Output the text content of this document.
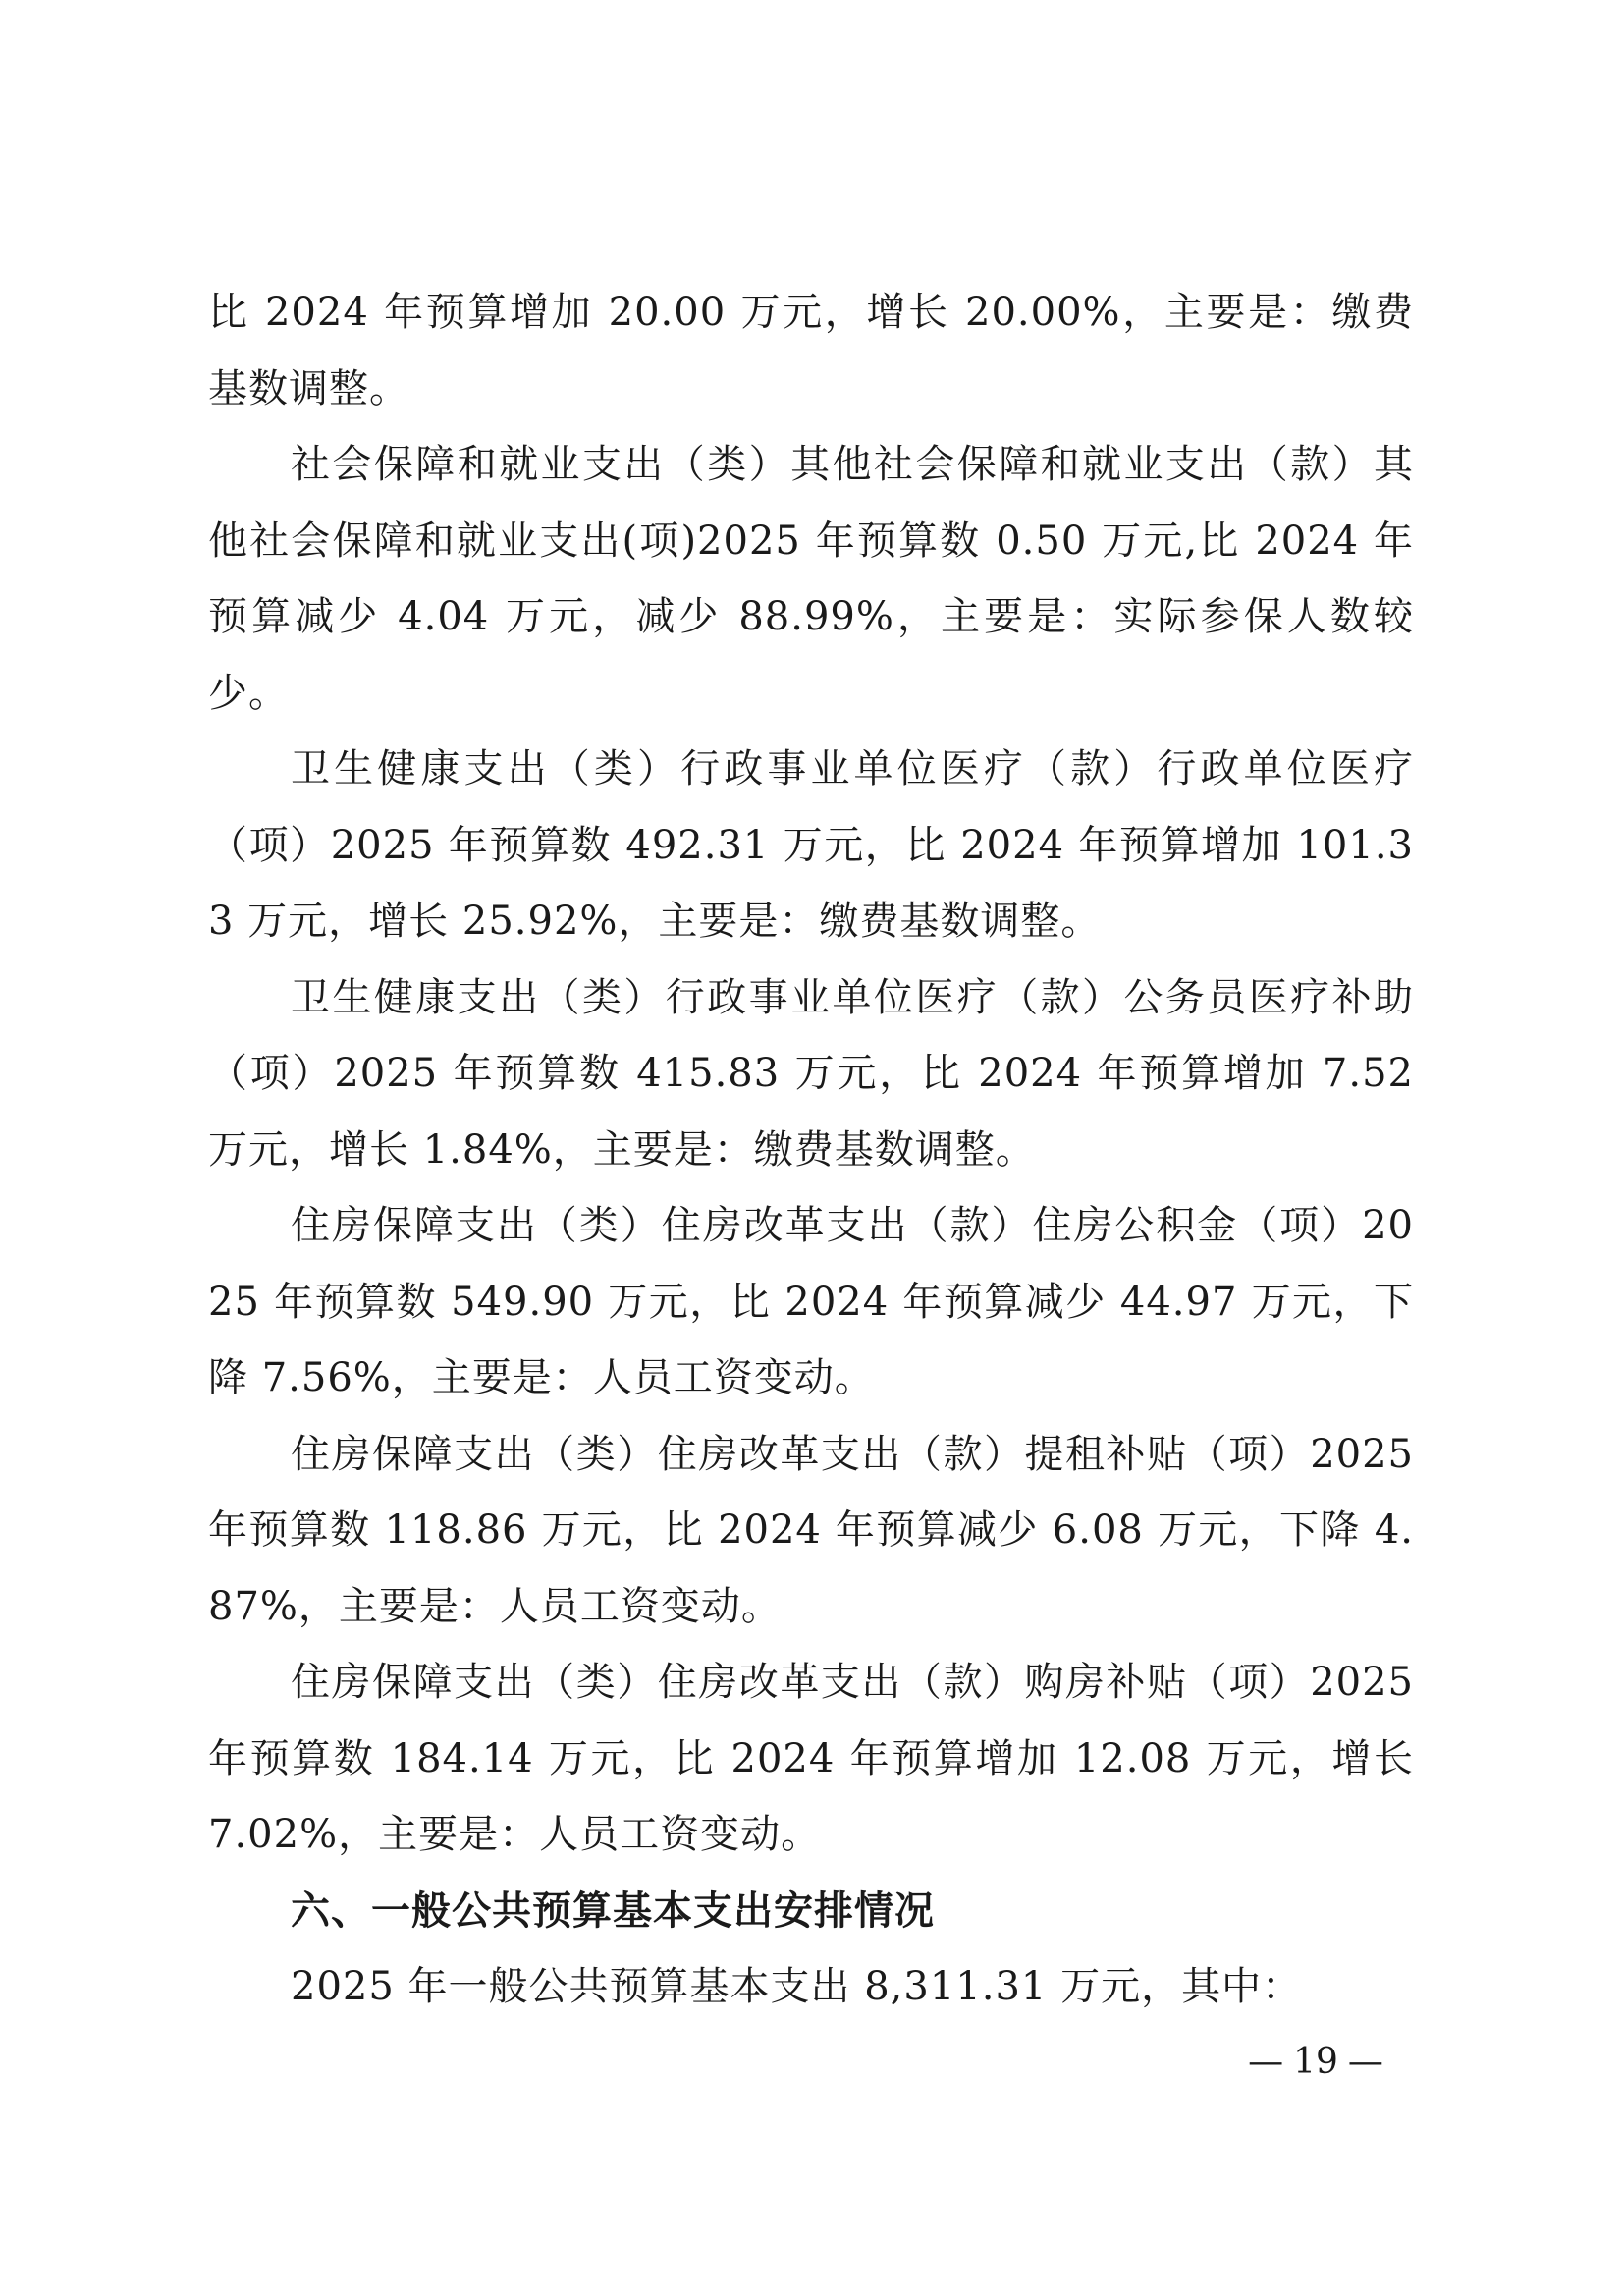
比 2024 年预算增加 20.00 万元，增长 20.00%，主要是：缴费基数调整。

社会保障和就业支出（类）其他社会保障和就业支出（款）其他社会保障和就业支出(项)2025 年预算数 0.50 万元,比 2024 年预算减少 4.04 万元，减少 88.99%，主要是：实际参保人数较少。

卫生健康支出（类）行政事业单位医疗（款）行政单位医疗（项）2025 年预算数 492.31 万元，比 2024 年预算增加 101.33 万元，增长 25.92%，主要是：缴费基数调整。

卫生健康支出（类）行政事业单位医疗（款）公务员医疗补助（项）2025 年预算数 415.83 万元，比 2024 年预算增加 7.52 万元，增长 1.84%，主要是：缴费基数调整。

住房保障支出（类）住房改革支出（款）住房公积金（项）2025 年预算数 549.90 万元，比 2024 年预算减少 44.97 万元，下降 7.56%，主要是：人员工资变动。

住房保障支出（类）住房改革支出（款）提租补贴（项）2025 年预算数 118.86 万元，比 2024 年预算减少 6.08 万元，下降 4.87%，主要是：人员工资变动。

住房保障支出（类）住房改革支出（款）购房补贴（项）2025 年预算数 184.14 万元，比 2024 年预算增加 12.08 万元，增长 7.02%，主要是：人员工资变动。

六、一般公共预算基本支出安排情况

2025 年一般公共预算基本支出 8,311.31 万元，其中：

— 19 —
